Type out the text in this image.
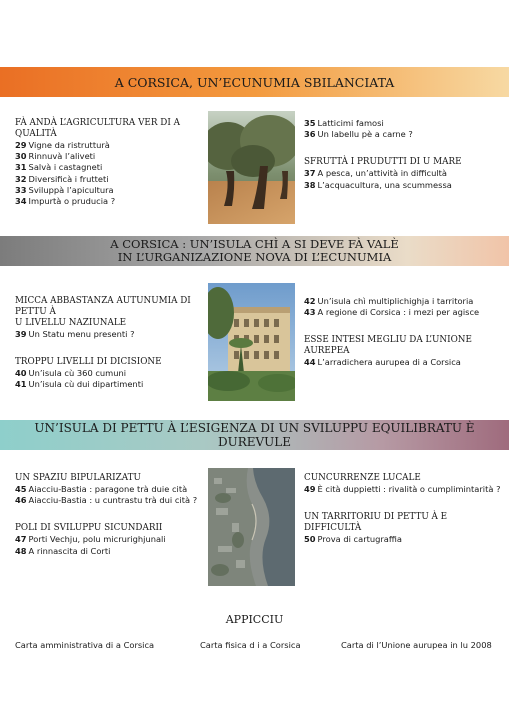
A CORSICA, UN’ECUNUMIA SBILANCIATA
FÀ ANDÀ L’AGRICULTURA VER DI A QUALITÀ
29 Vigne da ristrutturà
30 Rinnuvà l’aliveti
31 Salvà i castagneti
32 Diversificà i frutteti
33 Sviluppà l’apicultura
34 Impurtà o pruducia ?
35 Latticimi famosi
36 Un labellu pè a carne ?
SFRUTTÀ I PRUDUTTI DI U MARE
37 A pesca, un’attività in difficultà
38 L’acquacultura, una scummessa
A CORSICA : UN’ISULA CHÌ A SI DEVE FÀ VALÈ
IN L’URGANIZAZIONE NOVA DI L’ECUNUMIA
MICCA ABBASTANZA AUTUNUMIA DI PETTU À
U LIVELLU NAZIUNALE
39 Un Statu menu presenti ?
TROPPU LIVELLI DI DICISIONE
40 Un’isula cù 360 cumuni
41 Un’isula cù dui dipartimenti
42 Un’isula chì multiplichighja i tarritoria
43 A regione di Corsica : i mezi per agisce
ESSE INTESI MEGLIU DA L’UNIONE AUREPEA
44 L’arradichera aurupea di a Corsica
UN’ISULA DI PETTU À L’ESIGENZA DI UN SVILUPPU EQUILIBRATU È DUREVULE
UN SPAZIU BIPULARIZATU
45 Aiacciu-Bastia : paragone trà duie cità
46 Aiacciu-Bastia : u cuntrastu trà dui cità ?
POLI DI SVILUPPU SICUNDARII
47 Porti Vechju, polu micrurighjunali
48 A rinnascita di Corti
CUNCURRENZE LUCALE
49 È cità duppietti : rivalità o cumplimintarità ?
UN TARRITORIU DI PETTU À E DIFFICULTÀ
50 Prova di cartugraffia
APPICCIU
Carta amministrativa di a Corsica	Carta fisica d i a Corsica	Carta di l’Unione aurupea in lu 2008
